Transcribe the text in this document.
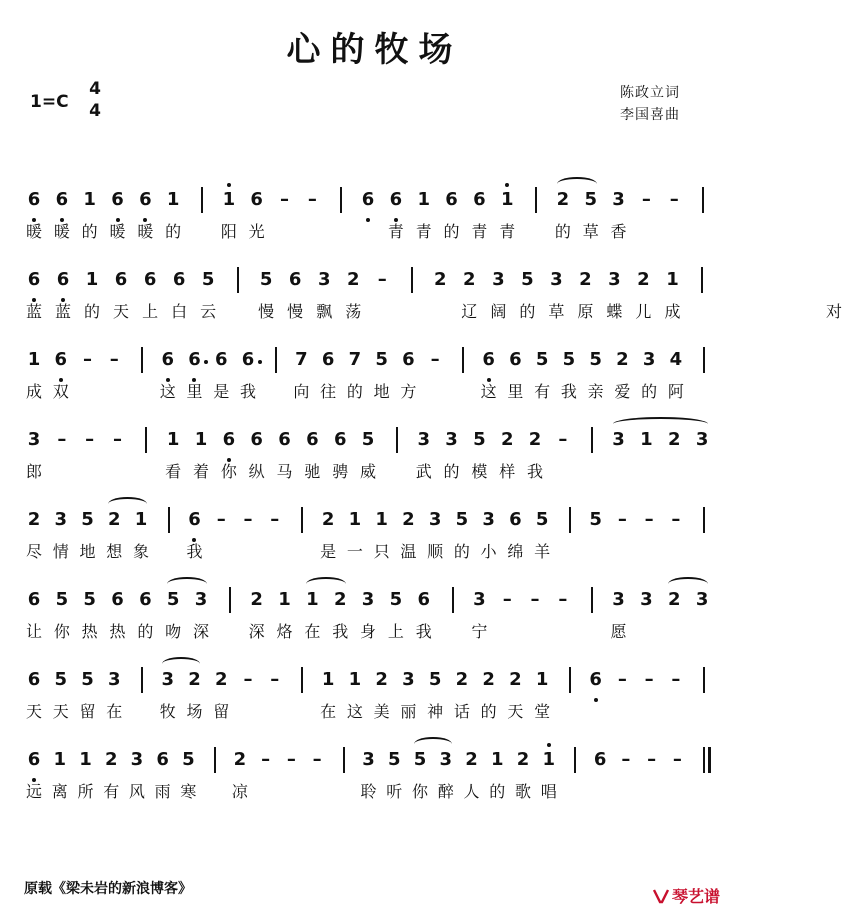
心的牧场
1=C
4
4
陈政立词
李国喜曲
6 6 1 6 6 1 1 6 – – 6 6 1 6 6 1 2 5 3 – –
暖 暖 的 暖 暖 的 阳 光	青 青 的 青 青 的 草 香
6 6 1 6 6 6 5	5 6 3 2 –	2 2 3 5 3 2 3 2 1
蓝 蓝 的 天 上 白 云	慢 慢 飘 荡	辽 阔 的 草 原 蝶 儿 成	对
1 6 – – 6 6 6 6 7 6 7 5 6 – 6 6 5 5 5 2 3 4
成 双	这 里 是 我 向 往 的 地 方	这 里 有 我 亲 爱 的 阿
3 – – – 1 1 6 6 6 6 6 5 3 3 5 2 2 – 3 1 2 3
郎	看 着 你 纵 马 驰 骋 威 武 的 模 样 我
2 3 5 2 1 6 – – – 2 1 1 2 3 5 3 6 5 5 – – –
尽 情 地 想 象 我	是 一 只 温 顺 的 小 绵 羊
6 5 5 6 6 5 3 2 1 1 2 3 5 6 3 – – – 3 3 2 3
让 你 热 热 的 吻 深 深 烙 在 我 身 上 我 宁	愿
6 5 5 3 3 2 2 – – 1 1 2 3 5 2 2 2 1 6 – – –
天 天 留 在 牧 场 留	在 这 美 丽 神 话 的 天 堂
6 1 1 2 3 6 5 2 – – – 3 5 5 3 2 1 2 1 6 – – –
远 离 所 有 风 雨 寒 凉	聆 听 你 醉 人 的 歌 唱
原载《梁未岩的新浪博客》	琴艺谱
